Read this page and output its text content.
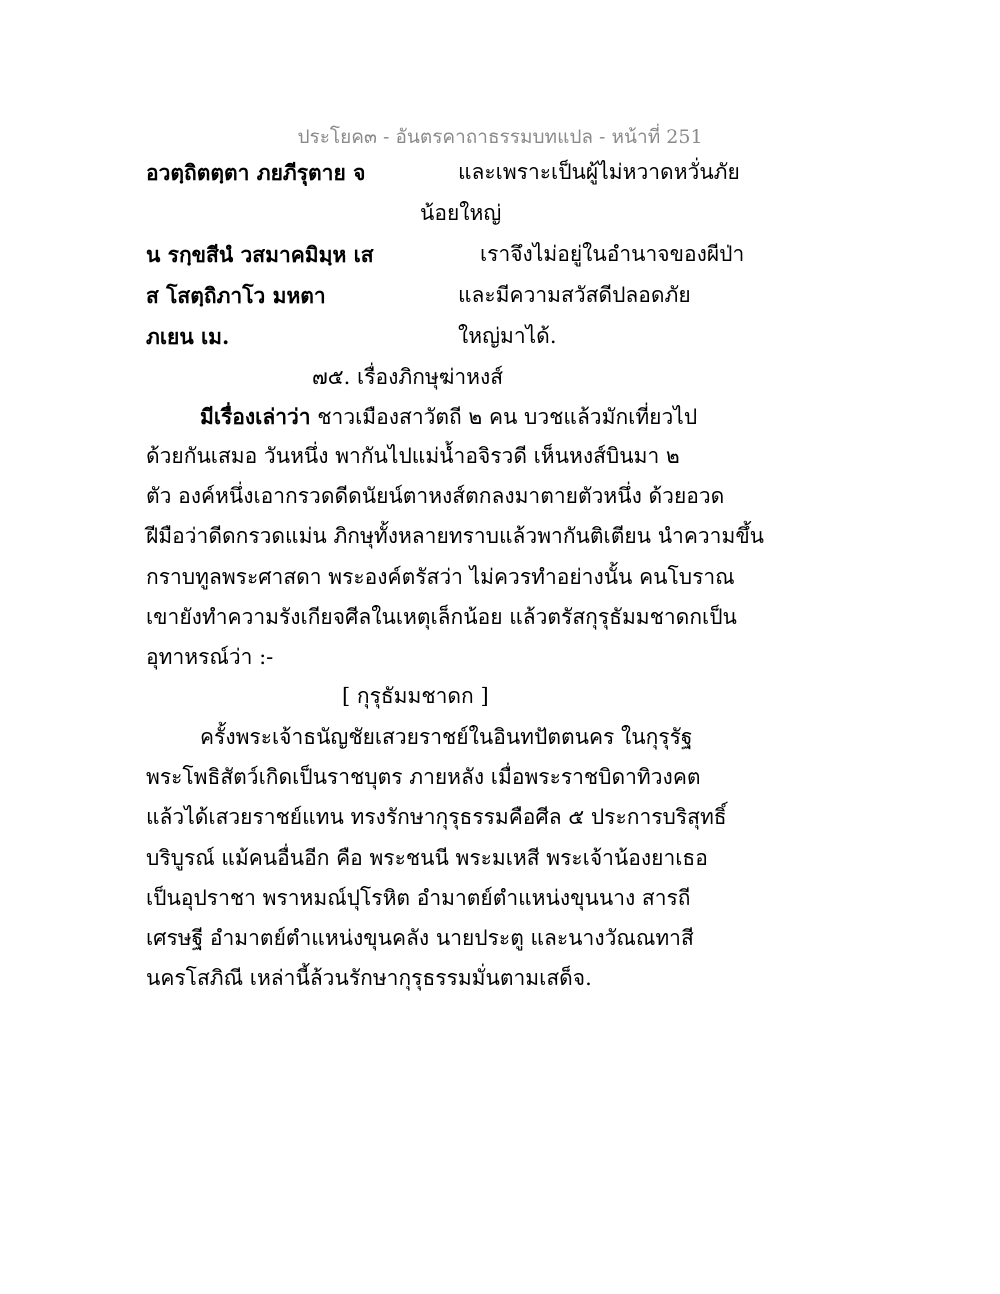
ประโยค๓ - อันตรคาถาธรรมบทแปล - หน้าที่ 251
อวตฺถิตตฺตา ภยภีรุตาย จ	และเพราะเป็นผู้ไม่หวาดหวั่นภัย
น้อยใหญ่
น รกฺขสีนํ วสมาคมิมฺห เส	เราจึงไม่อยู่ในอำนาจของผีป่า
ส โสตฺถิภาโว มหตา	และมีความสวัสดีปลอดภัย
ภเยน เม.	ใหญ่มาได้.
๗๕. เรื่องภิกษุฆ่าหงส์
มีเรื่องเล่าว่า ชาวเมืองสาวัตถี ๒ คน บวชแล้วมักเที่ยวไป
ด้วยกันเสมอ วันหนึ่ง พากันไปแม่น้ำอจิรวดี เห็นหงส์บินมา ๒
ตัว องค์หนึ่งเอากรวดดีดนัยน์ตาหงส์ตกลงมาตายตัวหนึ่ง ด้วยอวด
ฝีมือว่าดีดกรวดแม่น ภิกษุทั้งหลายทราบแล้วพากันติเตียน นำความขึ้น
กราบทูลพระศาสดา พระองค์ตรัสว่า ไม่ควรทำอย่างนั้น คนโบราณ
เขายังทำความรังเกียจศีลในเหตุเล็กน้อย แล้วตรัสกุรุธัมมชาดกเป็น
อุทาหรณ์ว่า :-
[ กุรุธัมมชาดก ]
ครั้งพระเจ้าธนัญชัยเสวยราชย์ในอินทปัตตนคร ในกุรุรัฐ
พระโพธิสัตว์เกิดเป็นราชบุตร ภายหลัง เมื่อพระราชบิดาทิวงคต
แล้วได้เสวยราชย์แทน ทรงรักษากุรุธรรมคือศีล ๕ ประการบริสุทธิ์
บริบูรณ์ แม้คนอื่นอีก คือ พระชนนี พระมเหสี พระเจ้าน้องยาเธอ
เป็นอุปราชา พราหมณ์ปุโรหิต อำมาตย์ตำแหน่งขุนนาง สารถี
เศรษฐี อำมาตย์ตำแหน่งขุนคลัง นายประตู และนางวัณณทาสี
นครโสภิณี เหล่านี้ล้วนรักษากุรุธรรมมั่นตามเสด็จ.
